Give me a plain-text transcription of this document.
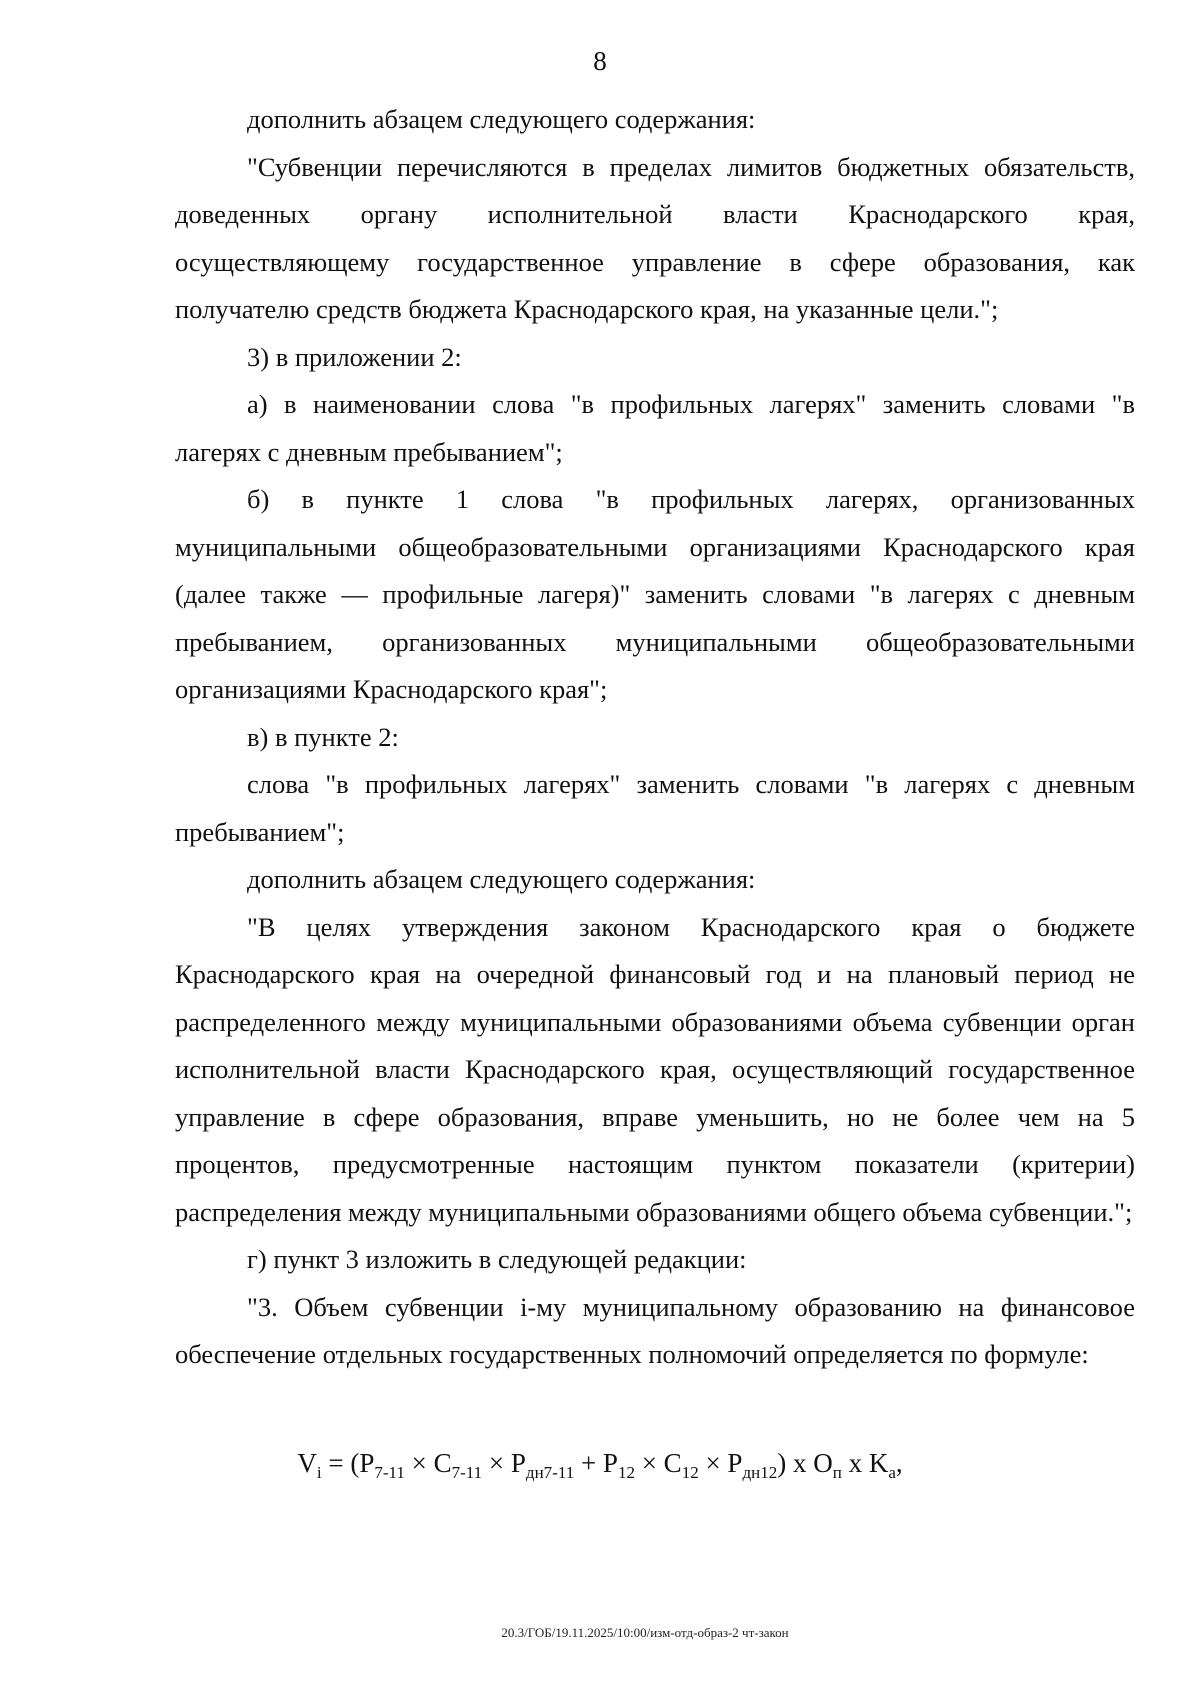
8

дополнить абзацем следующего содержания:

"Субвенции перечисляются в пределах лимитов бюджетных обязательств, доведенных органу исполнительной власти Краснодарского края, осуществляющему государственное управление в сфере образования, как получателю средств бюджета Краснодарского края, на указанные цели.";

3) в приложении 2:

а) в наименовании слова "в профильных лагерях" заменить словами "в лагерях с дневным пребыванием";

б) в пункте 1 слова "в профильных лагерях, организованных муниципальными общеобразовательными организациями Краснодарского края (далее также — профильные лагеря)" заменить словами "в лагерях с дневным пребыванием, организованных муниципальными общеобразовательными организациями Краснодарского края";

в) в пункте 2:

слова "в профильных лагерях" заменить словами "в лагерях с дневным пребыванием";

дополнить абзацем следующего содержания:

"В целях утверждения законом Краснодарского края о бюджете Краснодарского края на очередной финансовый год и на плановый период не распределенного между муниципальными образованиями объема субвенции орган исполнительной власти Краснодарского края, осуществляющий государственное управление в сфере образования, вправе уменьшить, но не более чем на 5 процентов, предусмотренные настоящим пунктом показатели (критерии) распределения между муниципальными образованиями общего объема субвенции.";

г) пункт 3 изложить в следующей редакции:

"3. Объем субвенции i-му муниципальному образованию на финансовое обеспечение отдельных государственных полномочий определяется по формуле:

$V_i = (P_{7-11} \times C_{7-11} \times P_{дн7-11} + P_{12} \times C_{12} \times P_{дн12})$ x $O_п$ x $K_a$,
20.3/ГОБ/19.11.2025/10:00/изм-отд-образ-2 чт-закон
